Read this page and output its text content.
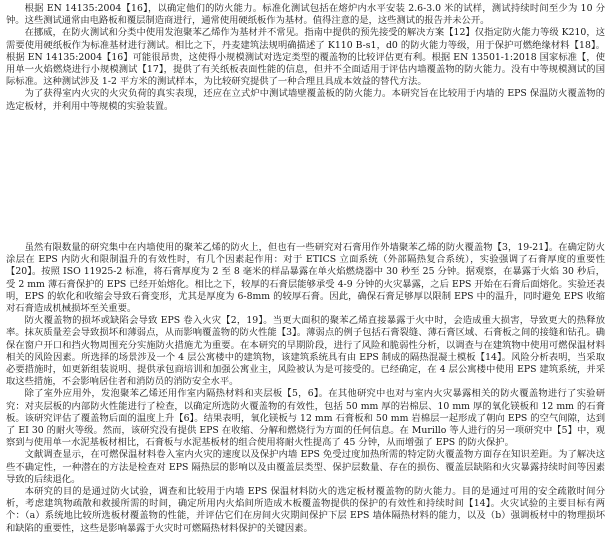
根据 EN 14135:2004【16】，以确定他们的防火能力。标准化测试包括在熔炉内水平安装 2.6-3.0 米的试样，测试持续时间至少为 10 分钟。这些测试通常由电路板和覆层制造商进行，通常使用硬纸板作为基材。值得注意的是，这些测试的报告并未公开。

在挪威，在防火测试和分类中使用发泡聚苯乙烯作为基材并不常见。指南中提供的预先接受的解决方案【12】仅指定防火能力等级 K210，这需要使用硬纸板作为标准基材进行测试。相比之下，丹麦建筑法规明确描述了 K110 B-s1，d0 的防火能力等级，用于保护可燃绝缘材料【18】。根据 EN 14135:2004【16】可能很昂贵，这使得小规模测试对选定类型的覆盖物的比较评估更有利。根据 EN 13501-1:2018 国家标准【，使用单一火焰燃烧进行小规模测试【17】，提供了有关纸板表面性能的信息，但并不全面适用于评估内墙覆盖物的防火能力。没有中等规模测试的国际标准。这种测试涉及 1-2 平方米的测试样本，为比较研究提供了一种合理且具成本效益的替代方法。

为了获得室内火灾的火灾负荷的真实表现，还应在立式炉中测试墙壁覆盖板的防火能力。本研究旨在比较用于内墙的 EPS 保温防火覆盖物的选定板材，并利用中等规模的实验装置。

虽然有限数量的研究集中在内墙使用的聚苯乙烯的防火上，但也有一些研究对石膏用作外墙聚苯乙烯的防火覆盖物【3，19-21】。在确定防火涂层在 EPS 内防火和限制温升的有效性时，有几个因素起作用：对于 ETICS 立面系统（外部隔热复合系统），实验强调了石膏厚度的重要性【20】。按照 ISO 11925-2 标准，将石膏厚度为 2 至 8 毫米的样品暴露在单火焰燃烧器中 30 秒至 25 分钟。据观察，在暴露于火焰 30 秒后，受 2 mm 薄石膏保护的 EPS 已经开始熔化。相比之下，较厚的石膏层能够承受 4-9 分钟的火灾暴露，之后 EPS 开始在石膏后面熔化。实验还表明，EPS 的软化和收缩会导致石膏变形，尤其是厚度为 6-8mm 的较厚石膏。因此，确保石膏足够厚以限制 EPS 中的温升，同时避免 EPS 收缩对石膏造成机械损坏至关重要。

防火覆盖物的损坏或缺陷会导致 EPS 卷入火灾【2，19】。当更大面积的聚苯乙烯直接暴露于火中时，会造成重大损害，导致更大的热释放率。抹灰质量差会导致损坏和薄弱点，从而影响覆盖物的防火性能【3】。薄弱点的例子包括石膏裂缝、薄石膏区域、石膏板之间的接缝和钻孔。确保在窗户开口和挡火物周围充分实施防火措施尤为重要。在本研究的早期阶段，进行了风险和脆弱性分析，以调查与在建筑物中使用可燃保温材料相关的风险因素。所选择的场景涉及一个 4 层公寓楼中的建筑物，该建筑系统具有由 EPS 制成的隔热混凝土模板【14】。风险分析表明，当采取必要措施时，如更新组装说明、提供承包商培训和加强公寓业主，风险被认为是可接受的。已经确定，在 4 层公寓楼中使用 EPS 建筑系统，并采取这些措施，不会影响居住者和消防员的消防安全水平。

除了室外应用外，发泡聚苯乙烯还用作室内隔热材料和夹层板【5，6】。在其他研究中也对与室内火灾暴露相关的防火覆盖物进行了实验研究：对夹层板的内部防火性能进行了检查，以确定所选防火覆盖物的有效性，包括 50 mm 厚的岩棉层、10 mm 厚的氧化镁板和 12 mm 的石膏板。该研究评估了覆盖物后面的温度上升【6】。结果表明，氧化镁板与 12 mm 石膏板和 50 mm 岩棉层一起形成了朝向 EPS 的空气间隙，达到了 EI 30 的耐火等级。然而，该研究没有提供 EPS 在收缩、分解和燃烧行为方面的任何信息。在 Murillo 等人进行的另一项研究中【5】中，观察到与使用单一水泥基板材相比，石膏板与水泥基板材的组合使用将耐火性提高了 45 分钟，从而增强了 EPS 的防火保护。

文献调查显示，在可燃保温材料卷入室内火灾的速度以及保护内墙 EPS 免受过度加热所需的特定防火覆盖物方面存在知识差距。为了解决这些不确定性，一种潜在的方法是检查对 EPS 隔热层的影响以及由覆盖层类型、保护层数量、存在的损伤、覆盖层缺陷和火灾暴露持续时间等因素导致的后续退化。

本研究的目的是通过防火试验，调查和比较用于内墙 EPS 保温材料防火的选定板材覆盖物的防火能力。目的是通过可用的安全疏散时间分析，考虑建筑物疏散和救援所需的时间，确定所用内火焰间所造成木板覆盖物提供的保护的有效性和持续时间【14】。火灾试验的主要目标有两个：（a）系统地比较所选板材覆盖物的性能，并评估它们在房间火灾期间保护下层 EPS 墙体隔热材料的能力，以及（b）强调板材中的物理损坏和缺陷的重要性，这些是影响暴露于火灾时可燃隔热材料保护的关键因素。
